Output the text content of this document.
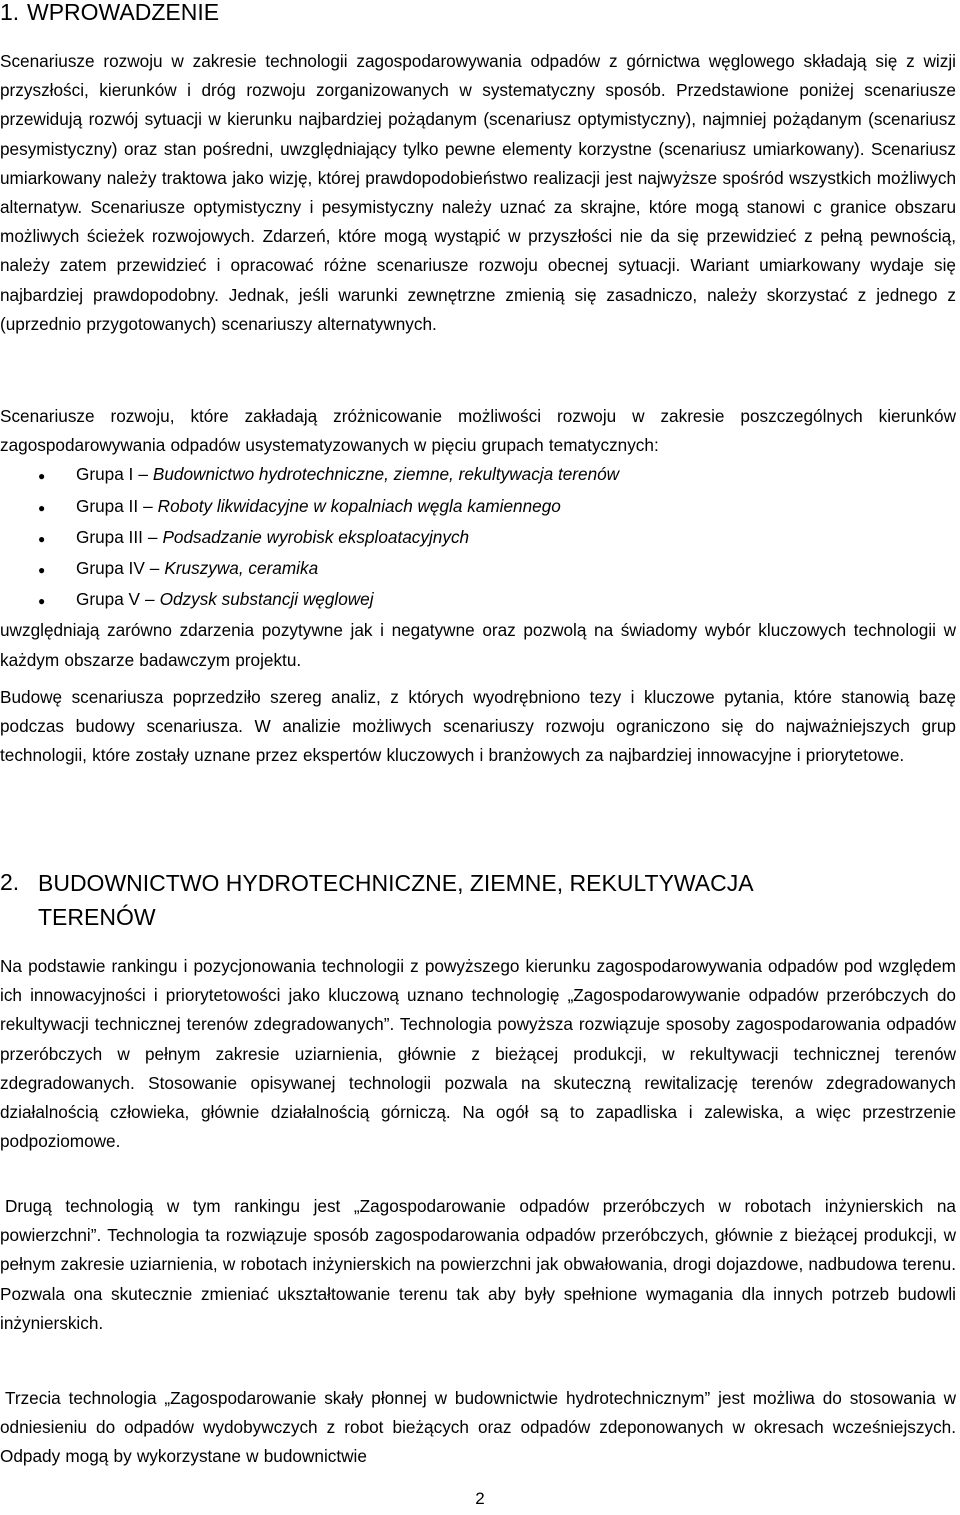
1. WPROWADZENIE

Scenariusze rozwoju w zakresie technologii zagospodarowywania odpadów z górnictwa węglowego składają się z wizji przyszłości, kierunków i dróg rozwoju zorganizowanych w systematyczny sposób. Przedstawione poniżej scenariusze przewidują rozwój sytuacji w kierunku najbardziej pożądanym (scenariusz optymistyczny), najmniej pożądanym (scenariusz pesymistyczny) oraz stan pośredni, uwzględniający tylko pewne elementy korzystne (scenariusz umiarkowany). Scenariusz umiarkowany należy traktowa jako wizję, której prawdopodobieństwo realizacji jest najwyższe spośród wszystkich możliwych alternatyw. Scenariusze optymistyczny i pesymistyczny należy uznać za skrajne, które mogą stanowi c granice obszaru możliwych ścieżek rozwojowych. Zdarzeń, które mogą wystąpić w przyszłości nie da się przewidzieć z pełną pewnością, należy zatem przewidzieć i opracować różne scenariusze rozwoju obecnej sytuacji. Wariant umiarkowany wydaje się najbardziej prawdopodobny. Jednak, jeśli warunki zewnętrzne zmienią się zasadniczo, należy skorzystać z jednego z (uprzednio przygotowanych) scenariuszy alternatywnych.

Scenariusze rozwoju, które zakładają zróżnicowanie możliwości rozwoju w zakresie poszczególnych kierunków zagospodarowywania odpadów usystematyzowanych w pięciu grupach tematycznych:

●	Grupa I – Budownictwo hydrotechniczne, ziemne, rekultywacja terenów
●	Grupa II – Roboty likwidacyjne w kopalniach węgla kamiennego
●	Grupa III – Podsadzanie wyrobisk eksploatacyjnych
●	Grupa IV – Kruszywa, ceramika
●	Grupa V – Odzysk substancji węglowej

uwzględniają zarówno zdarzenia pozytywne jak i negatywne oraz pozwolą na świadomy wybór kluczowych technologii w każdym obszarze badawczym projektu.

Budowę scenariusza poprzedziło szereg analiz, z których wyodrębniono tezy i kluczowe pytania, które stanowią bazę podczas budowy scenariusza. W analizie możliwych scenariuszy rozwoju ograniczono się do najważniejszych grup technologii, które zostały uznane przez ekspertów kluczowych i branżowych za najbardziej innowacyjne i priorytetowe.

2. BUDOWNICTWO HYDROTECHNICZNE, ZIEMNE, REKULTYWACJA TERENÓW

Na podstawie rankingu i pozycjonowania technologii z powyższego kierunku zagospodarowywania odpadów pod względem ich innowacyjności i priorytetowości jako kluczową uznano technologię „Zagospodarowywanie odpadów przeróbczych do rekultywacji technicznej terenów zdegradowanych”. Technologia powyższa rozwiązuje sposoby zagospodarowania odpadów przeróbczych w pełnym zakresie uziarnienia, głównie z bieżącej produkcji, w rekultywacji technicznej terenów zdegradowanych. Stosowanie opisywanej technologii pozwala na skuteczną rewitalizację terenów zdegradowanych działalnością człowieka, głównie działalnością górniczą. Na ogół są to zapadliska i zalewiska, a więc przestrzenie podpoziomowe.

Drugą technologią w tym rankingu jest „Zagospodarowanie odpadów przeróbczych w robotach inżynierskich na powierzchni”. Technologia ta rozwiązuje sposób zagospodarowania odpadów przeróbczych, głównie z bieżącej produkcji, w pełnym zakresie uziarnienia, w robotach inżynierskich na powierzchni jak obwałowania, drogi dojazdowe, nadbudowa terenu. Pozwala ona skutecznie zmieniać ukształtowanie terenu tak aby były spełnione wymagania dla innych potrzeb budowli inżynierskich.

Trzecia technologia „Zagospodarowanie skały płonnej w budownictwie hydrotechnicznym” jest możliwa do stosowania w odniesieniu do odpadów wydobywczych z robot bieżących oraz odpadów zdeponowanych w okresach wcześniejszych. Odpady mogą by wykorzystane w budownictwie

2
